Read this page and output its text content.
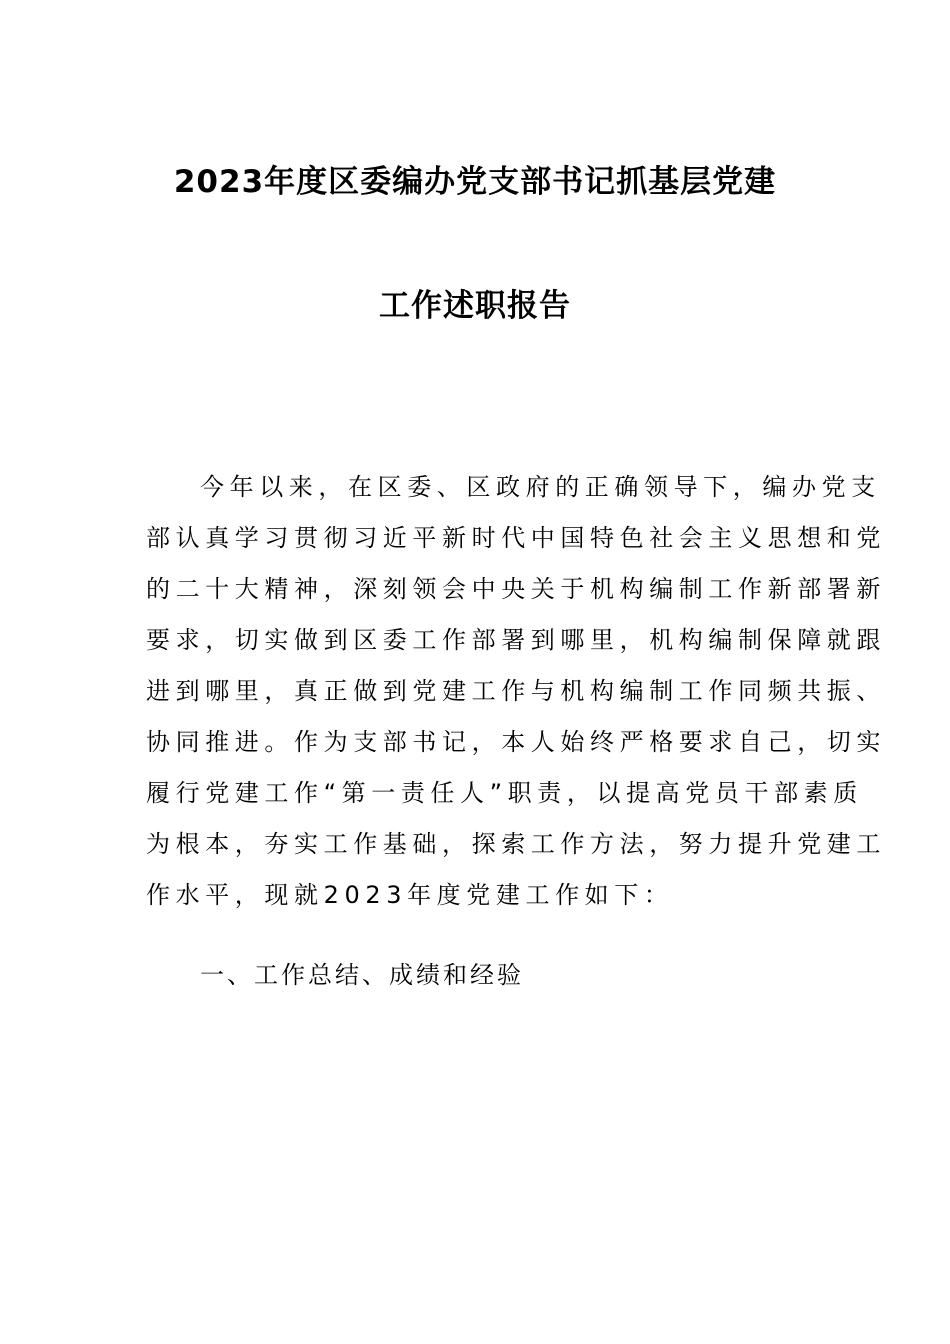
2023年度区委编办党支部书记抓基层党建
工作述职报告
今年以来，在区委、区政府的正确领导下，编办党支
部认真学习贯彻习近平新时代中国特色社会主义思想和党
的二十大精神，深刻领会中央关于机构编制工作新部署新
要求，切实做到区委工作部署到哪里，机构编制保障就跟
进到哪里，真正做到党建工作与机构编制工作同频共振、
协同推进。作为支部书记，本人始终严格要求自己，切实
履行党建工作“第一责任人”职责，以提高党员干部素质
为根本，夯实工作基础，探索工作方法，努力提升党建工
作水平，现就2023年度党建工作如下：
一、工作总结、成绩和经验
